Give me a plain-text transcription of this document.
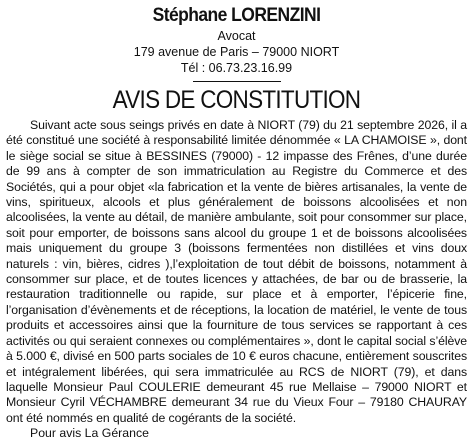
Stéphane LORENZINI

Avocat

179 avenue de Paris – 79000 NIORT

Tél : 06.73.23.16.99

AVIS DE CONSTITUTION

Suivant acte sous seings privés en date à NIORT (79) du 21 septembre 2026, il a été constitué une société à responsabilité limitée dénommée « LA CHAMOISE », dont le siège social se situe à BESSINES (79000) - 12 impasse des Frênes, d’une durée de 99 ans à compter de son immatriculation au Registre du Commerce et des Sociétés, qui a pour objet «la fabrication et la vente de bières artisanales, la vente de vins, spiritueux, alcools et plus généralement de boissons alcoolisées et non alcoolisées, la vente au détail, de manière ambulante, soit pour consommer sur place, soit pour emporter, de boissons sans alcool du groupe 1 et de boissons alcoolisées mais uniquement du groupe 3 (boissons fermentées non distillées et vins doux naturels : vin, bières, cidres ),l’exploitation de tout débit de boissons, notamment à consommer sur place, et de toutes licences y attachées, de bar ou de brasserie, la restauration traditionnelle ou rapide, sur place et à emporter, l’épicerie fine, l’organisation d’évènements et de réceptions, la location de matériel, le vente de tous produits et accessoires ainsi que la fourniture de tous services se rapportant à ces activités ou qui seraient connexes ou complémentaires », dont le capital social s’élève à 5.000 €, divisé en 500 parts sociales de 10 € euros chacune, entièrement souscrites et intégralement libérées, qui sera immatriculée au RCS de NIORT (79), et dans laquelle Monsieur Paul COULERIE demeurant 45 rue Mellaise – 79000 NIORT et Monsieur Cyril VÉCHAMBRE demeurant 34 rue du Vieux Four – 79180 CHAURAY ont été nommés en qualité de cogérants de la société.

Pour avis La Gérance
